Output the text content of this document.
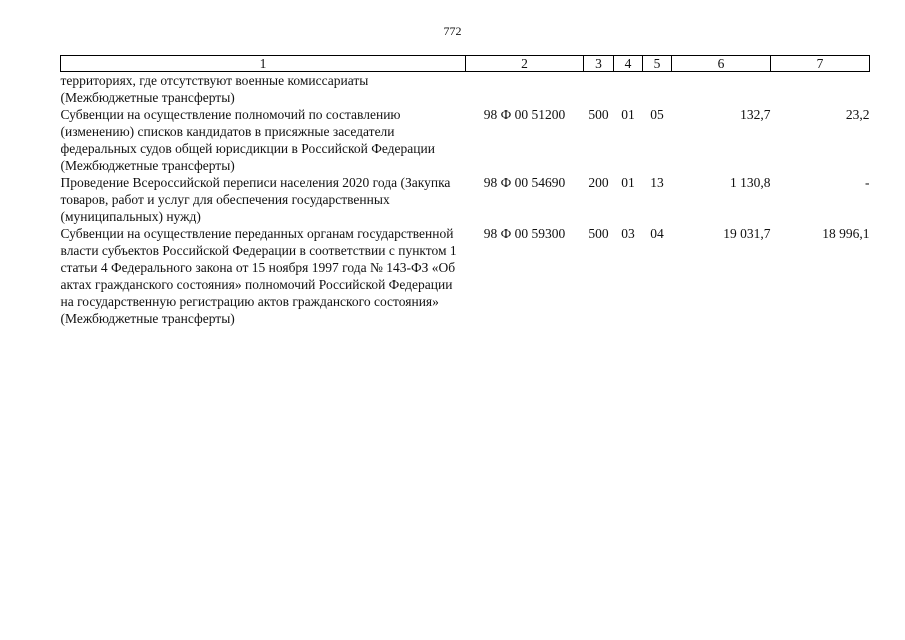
772
1	2	3	4	5	6	7
территориях, где отсутствуют военные комиссариаты (Межбюджетные трансферты)						
Субвенции на осуществление полномочий по составлению (изменению) списков кандидатов в присяжные заседатели федеральных судов общей юрисдикции в Российской Федерации (Межбюджетные трансферты)	98 Ф 00 51200	500	01	05	132,7	23,2
Проведение Всероссийской переписи населения 2020 года (Закупка товаров, работ и услуг для обеспечения государственных (муниципальных) нужд)	98 Ф 00 54690	200	01	13	1 130,8	-
Субвенции на осуществление переданных органам государственной власти субъектов Российской Федерации в соответствии с пунктом 1 статьи 4 Федерального закона от 15 ноября 1997 года № 143-ФЗ «Об актах гражданского состояния» полномочий Российской Федерации на государственную регистрацию актов гражданского состояния» (Межбюджетные трансферты)	98 Ф 00 59300	500	03	04	19 031,7	18 996,1
